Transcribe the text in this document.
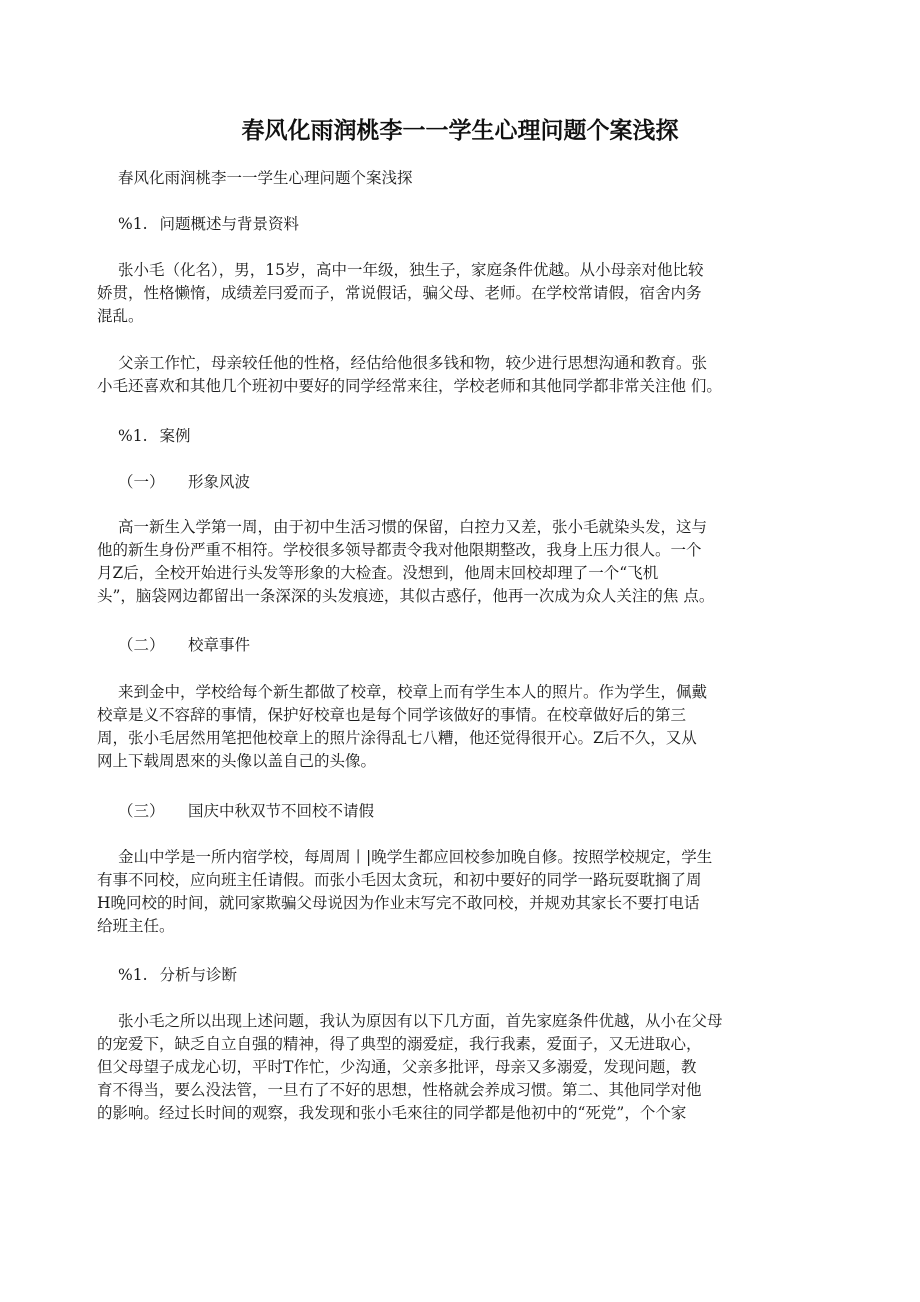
春风化雨润桃李一一学生心理问题个案浅探
春风化雨润桃李一一学生心理问题个案浅探
%1. 问题概述与背景资料
张小毛（化名），男，15岁，高中一年级，独生子，家庭条件优越。从小母亲对他比较
娇贯，性格懒惰，成绩差冃爱而子，常说假话，骗父母、老师。在学校常请假，宿舍内务
混乱。
父亲工作忙，母亲较任他的性格，经估给他很多钱和物，较少进行思想沟通和教育。张
小毛还喜欢和其他几个班初中要好的同学经常来往，学校老师和其他同学都非常关注他 们。
%1. 案例
（一） 形象风波
高一新生入学第一周，由于初中生活习惯的保留，白控力又差，张小毛就染头发，这与
他的新生身份严重不相符。学校很多领导都责令我对他限期整改，我身上压力很人。一个
月Z后，全校开始进行头发等形象的大检査。没想到，他周末回校却理了一个“飞机
头”，脑袋网边都留出一条深深的头发痕迹，其似古惑仔，他再一次成为众人关注的焦 点。
（二） 校章事件
来到金中，学校给每个新生都做了校章，校章上而有学生本人的照片。作为学生，佩戴
校章是义不容辞的事情，保护好校章也是每个同学该做好的事情。在校章做好后的第三
周，张小毛居然用笔把他校章上的照片涂得乱七八糟，他还觉得很开心。Z后不久，又从
网上下载周恩來的头像以盖自己的头像。
（三） 国庆中秋双节不回校不请假
金山中学是一所内宿学校，每周周丨|晚学生都应回校参加晚自修。按照学校规定，学生
有事不冋校，应向班主任请假。而张小毛因太贪玩，和初中要好的同学一路玩耍耽搁了周
H晚冋校的时间，就冋家欺骗父母说因为作业末写完不敢冋校，并规劝其家长不要打电话
给班主任。
%1. 分析与诊断
张小毛之所以出现上述问题，我认为原因有以下几方面，首先家庭条件优越，从小在父母
的宠爱下，缺乏自立自强的精神，得了典型的溺爱症，我行我素，爱面子，又无进取心，
但父母望子成龙心切，平时T作忙，少沟通，父亲多批评，母亲又多溺爱，发现问题，教
育不得当，要么没法管，一旦冇了不好的思想，性格就会养成习惯。第二、其他同学对他
的影响。经过长时间的观察，我发现和张小毛來往的同学都是他初中的“死党”，个个家
